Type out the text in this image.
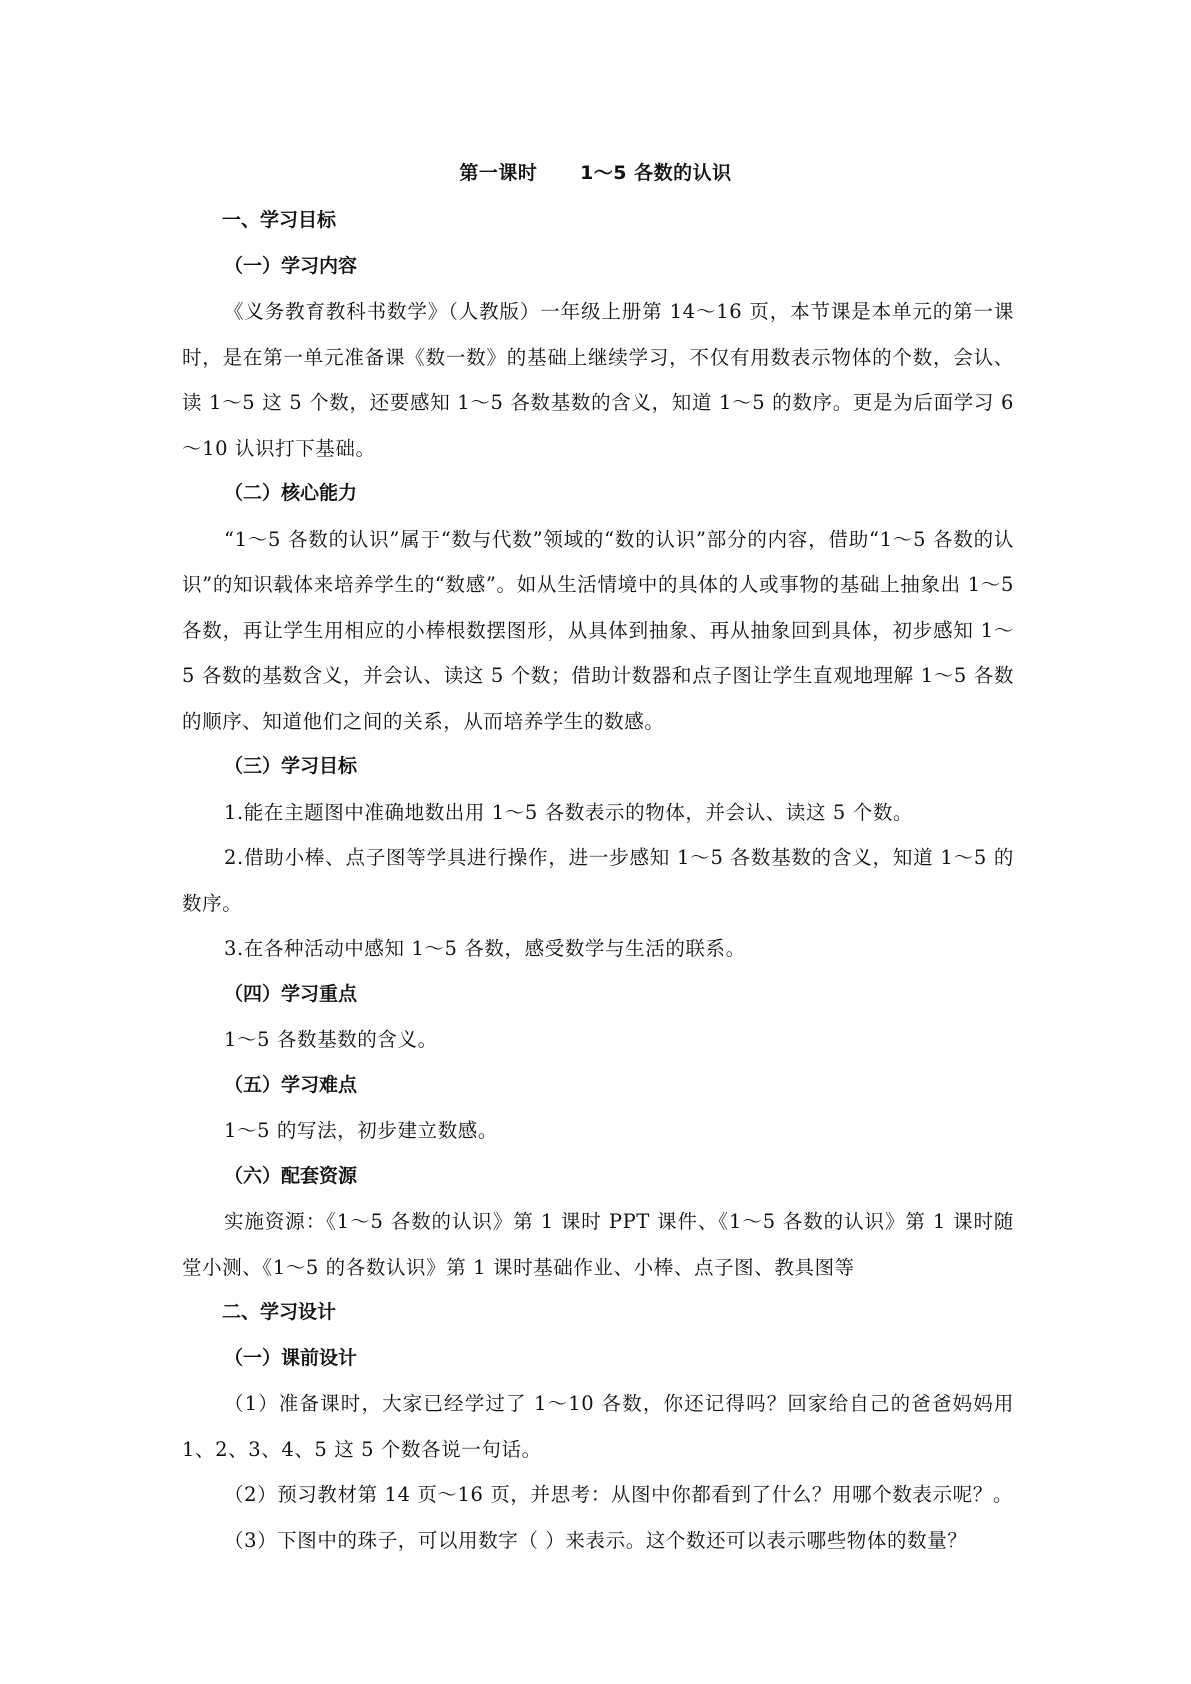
第一课时      1～5 各数的认识

一、学习目标

（一）学习内容

《义务教育教科书数学》（人教版）一年级上册第 14～16 页，本节课是本单元的第一课时，是在第一单元准备课《数一数》的基础上继续学习，不仅有用数表示物体的个数，会认、读 1～5 这 5 个数，还要感知 1～5 各数基数的含义，知道 1～5 的数序。更是为后面学习 6～10 认识打下基础。

（二）核心能力

“1～5 各数的认识”属于“数与代数”领域的“数的认识”部分的内容，借助“1～5 各数的认识”的知识载体来培养学生的“数感”。如从生活情境中的具体的人或事物的基础上抽象出 1～5 各数，再让学生用相应的小棒根数摆图形，从具体到抽象、再从抽象回到具体，初步感知 1～5 各数的基数含义，并会认、读这 5 个数；借助计数器和点子图让学生直观地理解 1～5 各数的顺序、知道他们之间的关系，从而培养学生的数感。

（三）学习目标

1.能在主题图中准确地数出用 1～5 各数表示的物体，并会认、读这 5 个数。

2.借助小棒、点子图等学具进行操作，进一步感知 1～5 各数基数的含义，知道 1～5 的数序。

3.在各种活动中感知 1～5 各数，感受数学与生活的联系。

（四）学习重点

1～5 各数基数的含义。

（五）学习难点

1～5 的写法，初步建立数感。

（六）配套资源

实施资源：《1～5 各数的认识》第 1 课时 PPT 课件、《1～5 各数的认识》第 1 课时随堂小测、《1～5 的各数认识》第 1 课时基础作业、小棒、点子图、教具图等

二、学习设计

（一）课前设计

（1）准备课时，大家已经学过了 1～10 各数，你还记得吗？回家给自己的爸爸妈妈用 1、2、3、4、5 这 5 个数各说一句话。

（2）预习教材第 14 页～16 页，并思考：从图中你都看到了什么？用哪个数表示呢？。

（3）下图中的珠子，可以用数字（ ）来表示。这个数还可以表示哪些物体的数量？
